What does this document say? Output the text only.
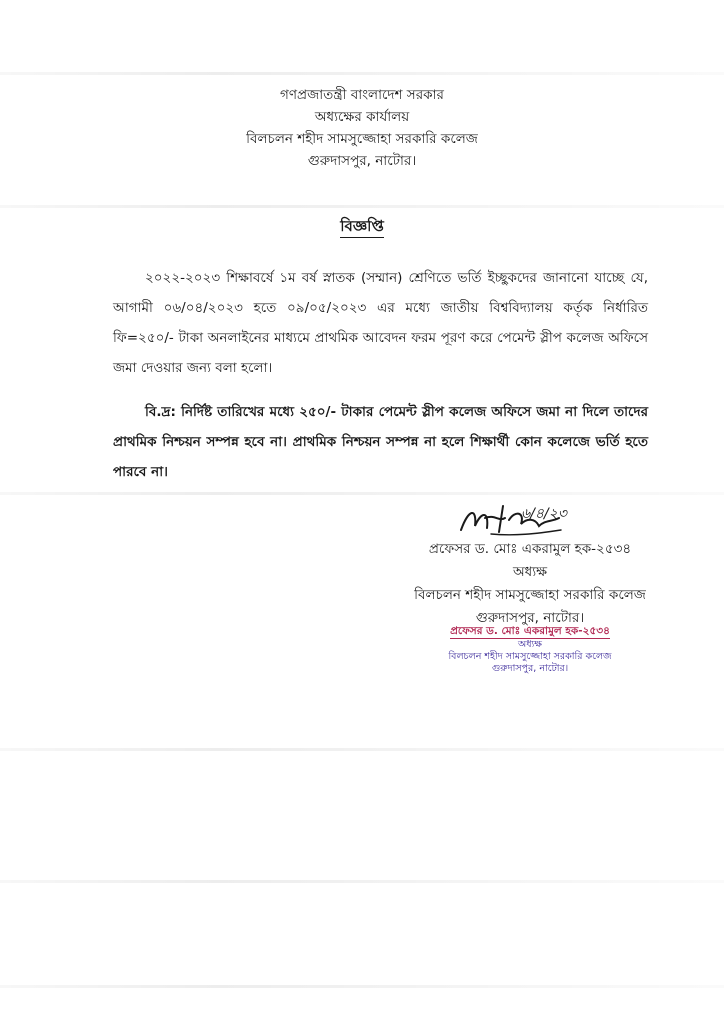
গণপ্রজাতন্ত্রী বাংলাদেশ সরকার
অধ্যক্ষের কার্যালয়
বিলচলন শহীদ সামসুজ্জোহা সরকারি কলেজ
গুরুদাসপুর, নাটোর।
বিজ্ঞপ্তি

২০২২-২০২৩ শিক্ষাবর্ষে ১ম বর্ষ স্নাতক (সম্মান) শ্রেণিতে ভর্তি ইচ্ছুকদের জানানো যাচ্ছে যে, আগামী ০৬/০৪/২০২৩ হতে ০৯/০৫/২০২৩ এর মধ্যে জাতীয় বিশ্ববিদ্যালয় কর্তৃক নির্ধারিত ফি=২৫০/- টাকা অনলাইনের মাধ্যমে প্রাথমিক আবেদন ফরম পূরণ করে পেমেন্ট স্লীপ কলেজ অফিসে জমা দেওয়ার জন্য বলা হলো।

বি.দ্র: নির্দিষ্ট তারিখের মধ্যে ২৫০/- টাকার পেমেন্ট স্লীপ কলেজ অফিসে জমা না দিলে তাদের প্রাথমিক নিশ্চয়ন সম্পন্ন হবে না। প্রাথমিক নিশ্চয়ন সম্পন্ন না হলে শিক্ষার্থী কোন কলেজে ভর্তি হতে পারবে না।

৬/৪/২৩
প্রফেসর ড. মোঃ একরামুল হক-২৫৩৪
অধ্যক্ষ
বিলচলন শহীদ সামসুজ্জোহা সরকারি কলেজ
গুরুদাসপুর, নাটোর।
প্রফেসর ড. মোঃ একরামুল হক-২৫৩৪
অধ্যক্ষ
বিলচলন শহীদ সামসুজ্জোহা সরকারি কলেজ
গুরুদাসপুর, নাটোর।
